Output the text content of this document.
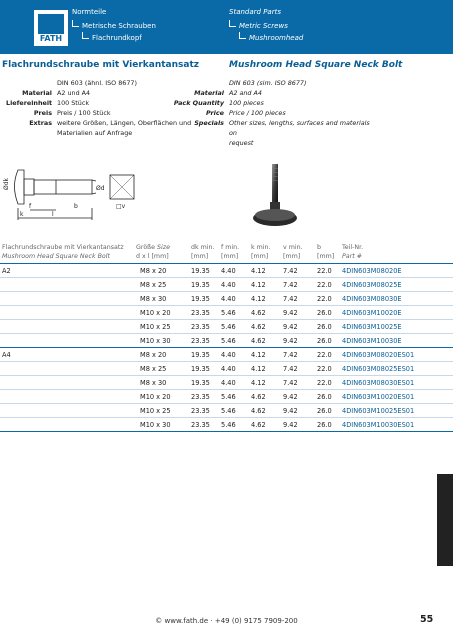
FATH
Normteile
Metrische Schrauben
Flachrundkopf
Standard Parts
Metric Screws
Mushroomhead
Flachrundschraube mit Vierkantansatz	Mushroom Head Square Neck Bolt
DIN 603 (ähnl. ISO 8677)
Material A2 und A4
Liefereinheit 100 Stück
Preis Preis / 100 Stück
Extras weitere Größen, Längen, Oberflächen und
Materialien auf Anfrage
DIN 603 (sim. ISO 8677)
Material A2 and A4
Pack Quantity 100 pieces
Price Price / 100 pieces
Specials Other sizes, lengths, surfaces and materials on
request
Ødk	Ød
f	b
k	l
□v
Flachrundschraube mit Vierkantansatz
Mushroom Head Square Neck Bolt
Größe Size
d x l [mm]
dk min.
[mm]
f min.
[mm]
k min.
[mm]
v min.
[mm]
b
[mm]
Teil-Nr.
Part #
A2	M8 x 20	19.35 4.40 4.12	7.42	22.0 4DIN603M08020E
M8 x 25	19.35 4.40 4.12	7.42	22.0 4DIN603M08025E
M8 x 30	19.35 4.40 4.12	7.42	22.0 4DIN603M08030E
M10 x 20	23.35 5.46 4.62	9.42	26.0 4DIN603M10020E
M10 x 25	23.35 5.46 4.62	9.42	26.0 4DIN603M10025E
M10 x 30	23.35 5.46 4.62	9.42	26.0 4DIN603M10030E
A4	M8 x 20	19.35 4.40 4.12	7.42	22.0 4DIN603M08020ES01
M8 x 25	19.35 4.40 4.12	7.42	22.0 4DIN603M08025ES01
M8 x 30	19.35 4.40 4.12	7.42	22.0 4DIN603M08030ES01
M10 x 20	23.35 5.46 4.62	9.42	26.0 4DIN603M10020ES01
M10 x 25	23.35 5.46 4.62	9.42	26.0 4DIN603M10025ES01
M10 x 30	23.35 5.46 4.62	9.42	26.0 4DIN603M10030ES01
© www.fath.de · +49 (0) 9175 7909-200	55
